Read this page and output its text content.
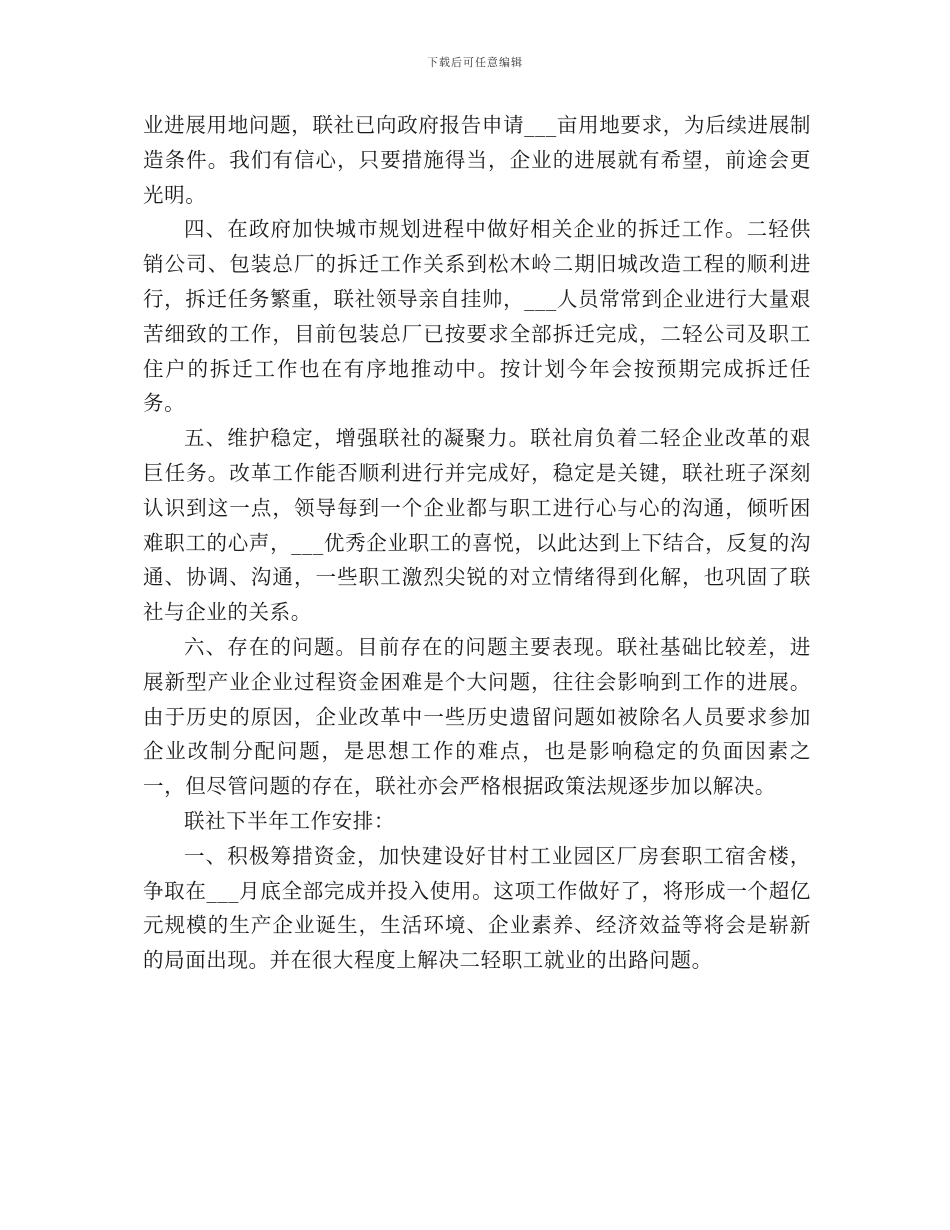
下载后可任意编辑

业进展用地问题，联社已向政府报告申请___亩用地要求，为后续进展制造条件。我们有信心，只要措施得当，企业的进展就有希望，前途会更光明。

四、在政府加快城市规划进程中做好相关企业的拆迁工作。二轻供销公司、包装总厂的拆迁工作关系到松木岭二期旧城改造工程的顺利进行，拆迁任务繁重，联社领导亲自挂帅，___人员常常到企业进行大量艰苦细致的工作，目前包装总厂已按要求全部拆迁完成，二轻公司及职工住户的拆迁工作也在有序地推动中。按计划今年会按预期完成拆迁任务。

五、维护稳定，增强联社的凝聚力。联社肩负着二轻企业改革的艰巨任务。改革工作能否顺利进行并完成好，稳定是关键，联社班子深刻认识到这一点，领导每到一个企业都与职工进行心与心的沟通，倾听困难职工的心声，___优秀企业职工的喜悦，以此达到上下结合，反复的沟通、协调、沟通，一些职工激烈尖锐的对立情绪得到化解，也巩固了联社与企业的关系。

六、存在的问题。目前存在的问题主要表现。联社基础比较差，进展新型产业企业过程资金困难是个大问题，往往会影响到工作的进展。由于历史的原因，企业改革中一些历史遗留问题如被除名人员要求参加企业改制分配问题，是思想工作的难点，也是影响稳定的负面因素之一，但尽管问题的存在，联社亦会严格根据政策法规逐步加以解决。

联社下半年工作安排：

一、积极筹措资金，加快建设好甘村工业园区厂房套职工宿舍楼，争取在___月底全部完成并投入使用。这项工作做好了，将形成一个超亿元规模的生产企业诞生，生活环境、企业素养、经济效益等将会是崭新的局面出现。并在很大程度上解决二轻职工就业的出路问题。
